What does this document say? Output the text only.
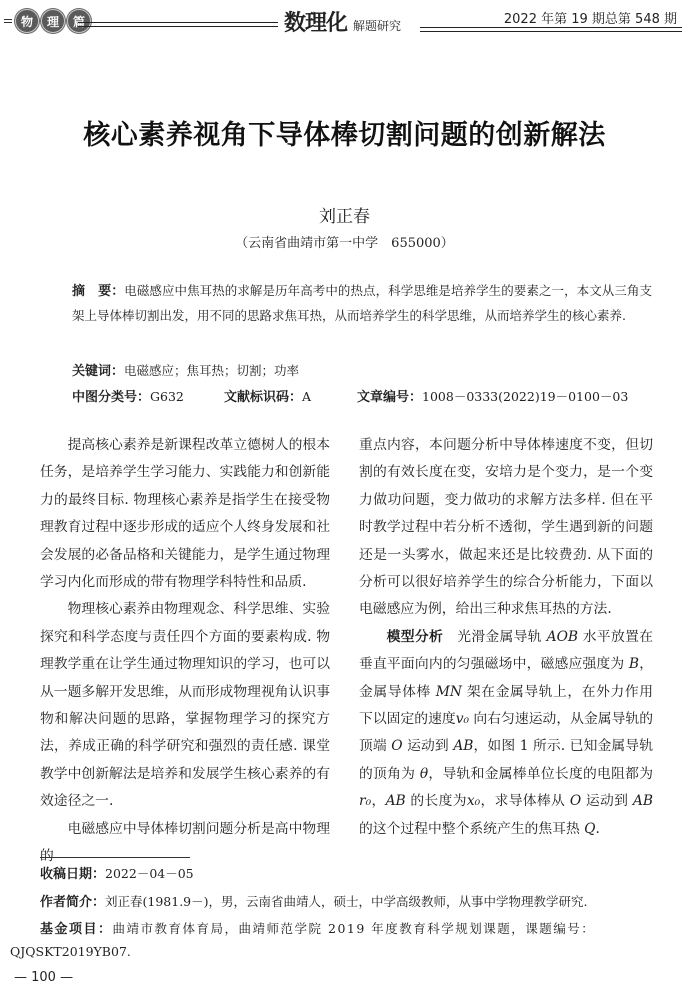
物	理	篇	数理化 解题研究	2022 年第 19 期总第 548 期
核心素养视角下导体棒切割问题的创新解法
刘正春
（云南省曲靖市第一中学　655000）
摘　要：电磁感应中焦耳热的求解是历年高考中的热点，科学思维是培养学生的要素之一，本文从三角支架上导体棒切割出发，用不同的思路求焦耳热，从而培养学生的科学思维，从而培养学生的核心素养.
关键词：电磁感应；焦耳热；切割；功率
中图分类号：G632	文献标识码：A	文章编号：1008－0333(2022)19－0100－03

提高核心素养是新课程改革立德树人的根本任务，是培养学生学习能力、实践能力和创新能力的最终目标. 物理核心素养是指学生在接受物理教育过程中逐步形成的适应个人终身发展和社会发展的必备品格和关键能力，是学生通过物理学习内化而形成的带有物理学科特性和品质.

物理核心素养由物理观念、科学思维、实验探究和科学态度与责任四个方面的要素构成. 物理教学重在让学生通过物理知识的学习，也可以从一题多解开发思维，从而形成物理视角认识事物和解决问题的思路，掌握物理学习的探究方法，养成正确的科学研究和强烈的责任感. 课堂教学中创新解法是培养和发展学生核心素养的有效途径之一.

电磁感应中导体棒切割问题分析是高中物理的

重点内容，本问题分析中导体棒速度不变，但切割的有效长度在变，安培力是个变力，是一个变力做功问题，变力做功的求解方法多样. 但在平时教学过程中若分析不透彻，学生遇到新的问题还是一头雾水，做起来还是比较费劲. 从下面的分析可以很好培养学生的综合分析能力，下面以电磁感应为例，给出三种求焦耳热的方法.

模型分析　光滑金属导轨 AOB 水平放置在垂直平面向内的匀强磁场中，磁感应强度为 B，金属导体棒 MN 架在金属导轨上，在外力作用下以固定的速度v₀ 向右匀速运动，从金属导轨的顶端 O 运动到 AB，如图 1 所示. 已知金属导轨的顶角为 θ，导轨和金属棒单位长度的电阻都为r₀，AB 的长度为x₀，求导体棒从 O 运动到 AB 的这个过程中整个系统产生的焦耳热 Q.

收稿日期：2022－04－05
作者简介：刘正春(1981.9－)，男，云南省曲靖人，硕士，中学高级教师，从事中学物理教学研究.
基金项目：曲靖市教育体育局，曲靖师范学院 2019 年度教育科学规划课题，课题编号：
QJQSKT2019YB07.
— 100 —
